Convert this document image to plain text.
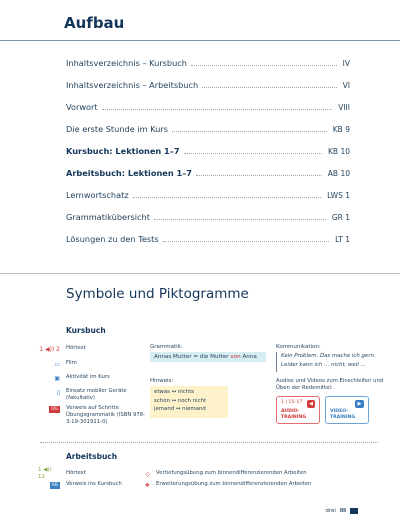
Aufbau
Inhaltsverzeichnis – Kursbuch	IV
Inhaltsverzeichnis – Arbeitsbuch	VI
Vorwort	VIII
Die erste Stunde im Kurs	KB 9
Kursbuch: Lektionen 1–7	KB 10
Arbeitsbuch: Lektionen 1–7	AB 10
Lernwortschatz	LWS 1
Grammatikübersicht	GR 1
Lösungen zu den Tests	LT 1
Symbole und Piktogramme
Kursbuch
1 ◀)) 2 Hörtext
▭ Film
▣ Aktivität im Kurs
▯ Einsatz mobiler Geräte (fakultativ)
ÜG	Verweis auf Schritte Übungsgrammatik (ISBN 978-3-19-301911-0)
Grammatik:
Annas Mutter = die Mutter von Anna
Hinweis:
etwas ↔ nichts
schon ↔ noch nicht
jemand ↔ niemand
Kommunikation:
Kein Problem. Das mache ich gern.
Leider kann ich … nicht, weil …
Audios und Videos zum Einschleifen und Üben der Redemittel:
1 | 15–17	◀
AUDIO-TRAINING
▶
VIDEO-TRAINING
Arbeitsbuch
1 ◀)) 12
Hörtext
KB	Verweis ins Kursbuch
◇ Vertiefungsübung zum binnendifferenzierenden Arbeiten
❖ Erweiterungsübung zum binnendifferenzierenden Arbeiten
drei III
